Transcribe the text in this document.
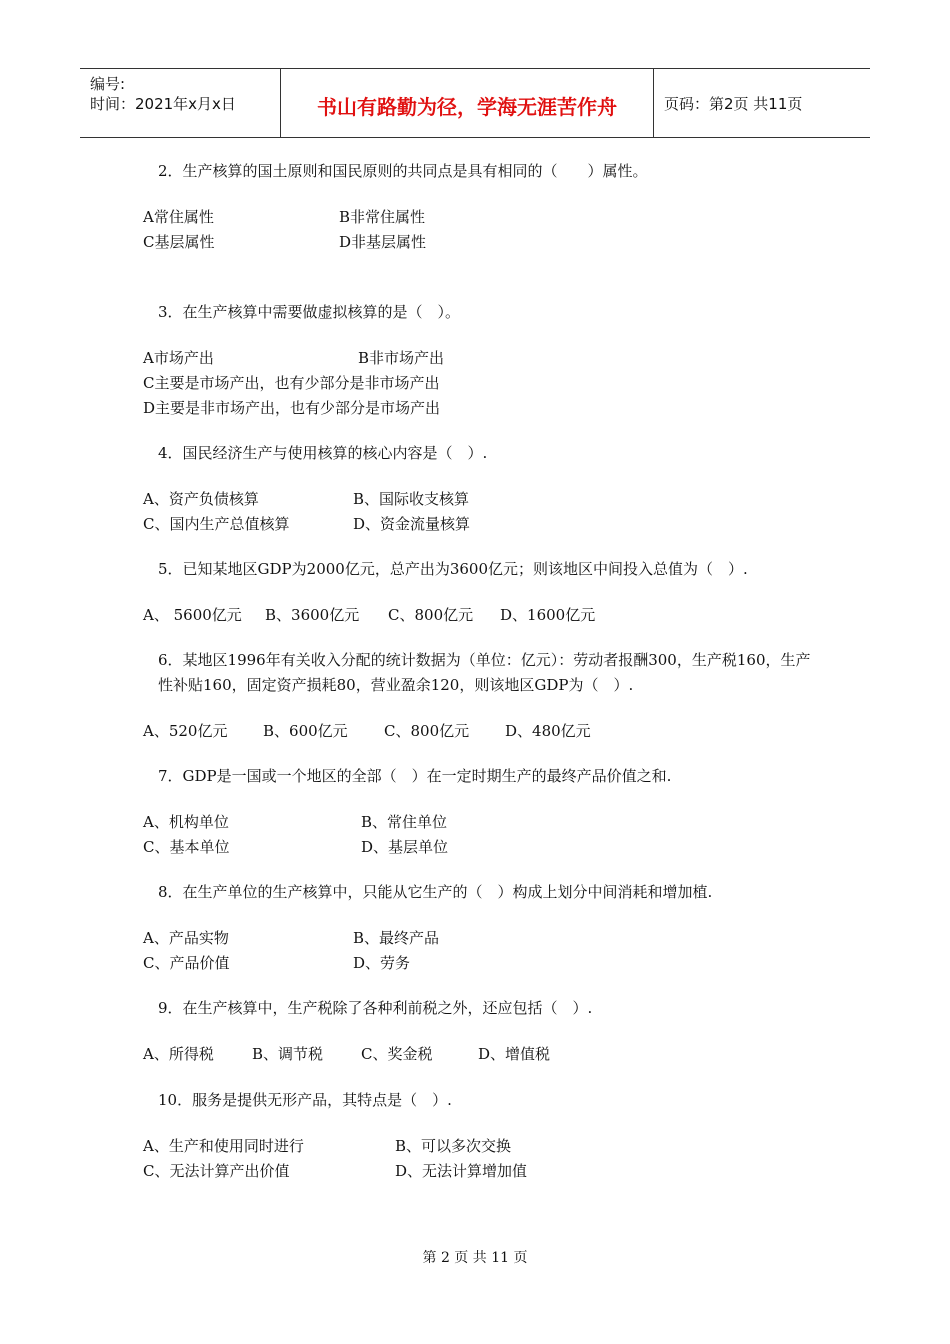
编号:
时间：2021年x月x日	书山有路勤为径，学海无涯苦作舟	页码：第2页 共11页
2．生产核算的国土原则和国民原则的共同点是具有相同的（　　）属性。
A常住属性	B非常住属性
C基层属性	D非基层属性
3．在生产核算中需要做虚拟核算的是（　）。
A市场产出	B非市场产出
C主要是市场产出，也有少部分是非市场产出
D主要是非市场产出，也有少部分是市场产出
4．国民经济生产与使用核算的核心内容是（　）.
A、资产负债核算	B、国际收支核算
C、国内生产总值核算	D、资金流量核算
5．已知某地区GDP为2000亿元，总产出为3600亿元；则该地区中间投入总值为（　）.
A、 5600亿元 B、3600亿元 C、800亿元 D、1600亿元
6．某地区1996年有关收入分配的统计数据为（单位：亿元）：劳动者报酬300，生产税160，生产性补贴160，固定资产损耗80，营业盈余120，则该地区GDP为（　）.
A、520亿元 B、600亿元 C、800亿元 D、480亿元
7．GDP是一国或一个地区的全部（　）在一定时期生产的最终产品价值之和.
A、机构单位	B、常住单位
C、基本单位	D、基层单位
8．在生产单位的生产核算中，只能从它生产的（　）构成上划分中间消耗和增加植.
A、产品实物	B、最终产品
C、产品价值	D、劳务
9．在生产核算中，生产税除了各种利前税之外，还应包括（　）.
A、所得税	B、调节税	C、奖金税	D、增值税
10．服务是提供无形产品，其特点是（　）.
A、生产和使用同时进行	B、可以多次交换
C、无法计算产出价值	D、无法计算增加值
第 2 页 共 11 页
